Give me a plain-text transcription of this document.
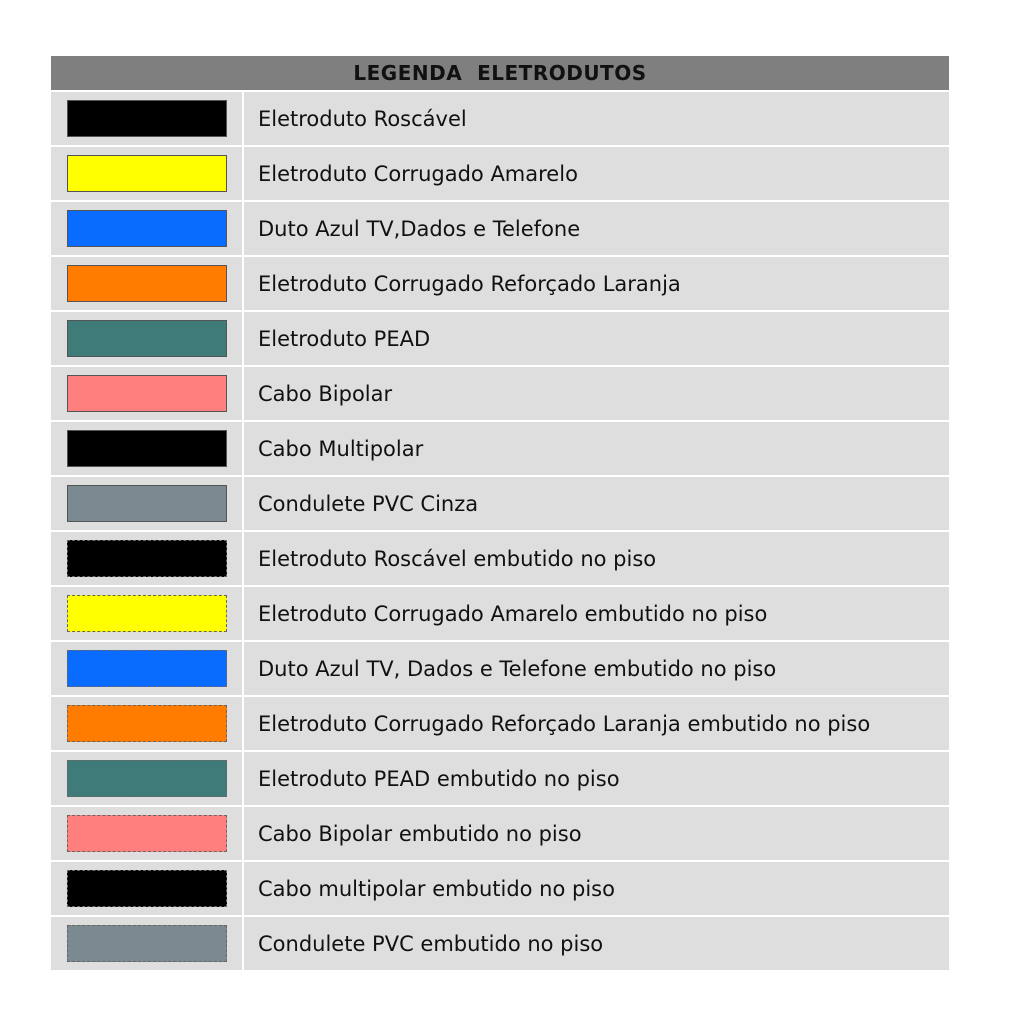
LEGENDA  ELETRODUTOS
Eletroduto Roscável
Eletroduto Corrugado Amarelo
Duto Azul TV,Dados e Telefone
Eletroduto Corrugado Reforçado Laranja
Eletroduto PEAD
Cabo Bipolar
Cabo Multipolar
Condulete PVC Cinza
Eletroduto Roscável embutido no piso
Eletroduto Corrugado Amarelo embutido no piso
Duto Azul TV, Dados e Telefone embutido no piso
Eletroduto Corrugado Reforçado Laranja embutido no piso
Eletroduto PEAD embutido no piso
Cabo Bipolar embutido no piso
Cabo multipolar embutido no piso
Condulete PVC embutido no piso
